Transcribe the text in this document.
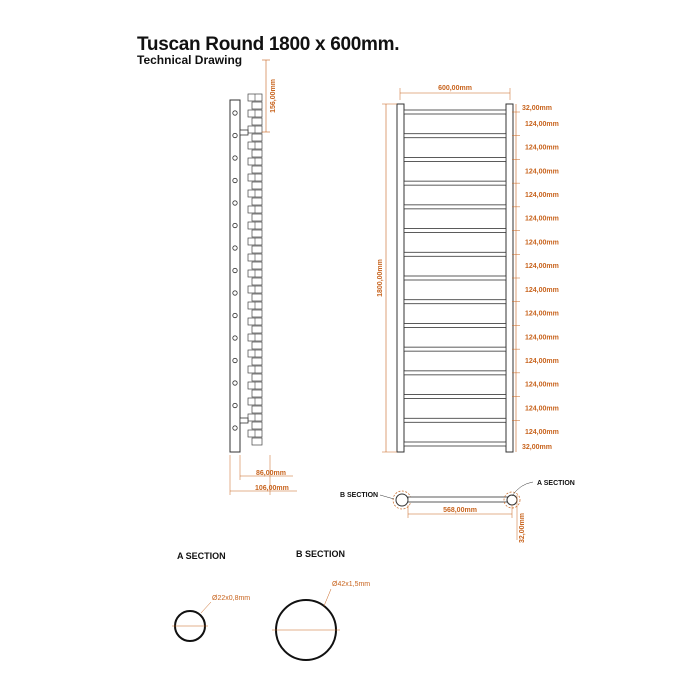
Tuscan Round 1800 x 600mm.
Technical Drawing
156,00mm
86,00mm
106,00mm
600,00mm
1800,00mm
32,00mm
124,00mm
124,00mm
124,00mm
124,00mm
124,00mm
124,00mm
124,00mm
124,00mm
124,00mm
124,00mm
124,00mm
124,00mm
124,00mm
124,00mm
32,00mm
B SECTION
A SECTION
568,00mm
32,00mm
A SECTION
Ø22x0,8mm
B SECTION
Ø42x1,5mm
